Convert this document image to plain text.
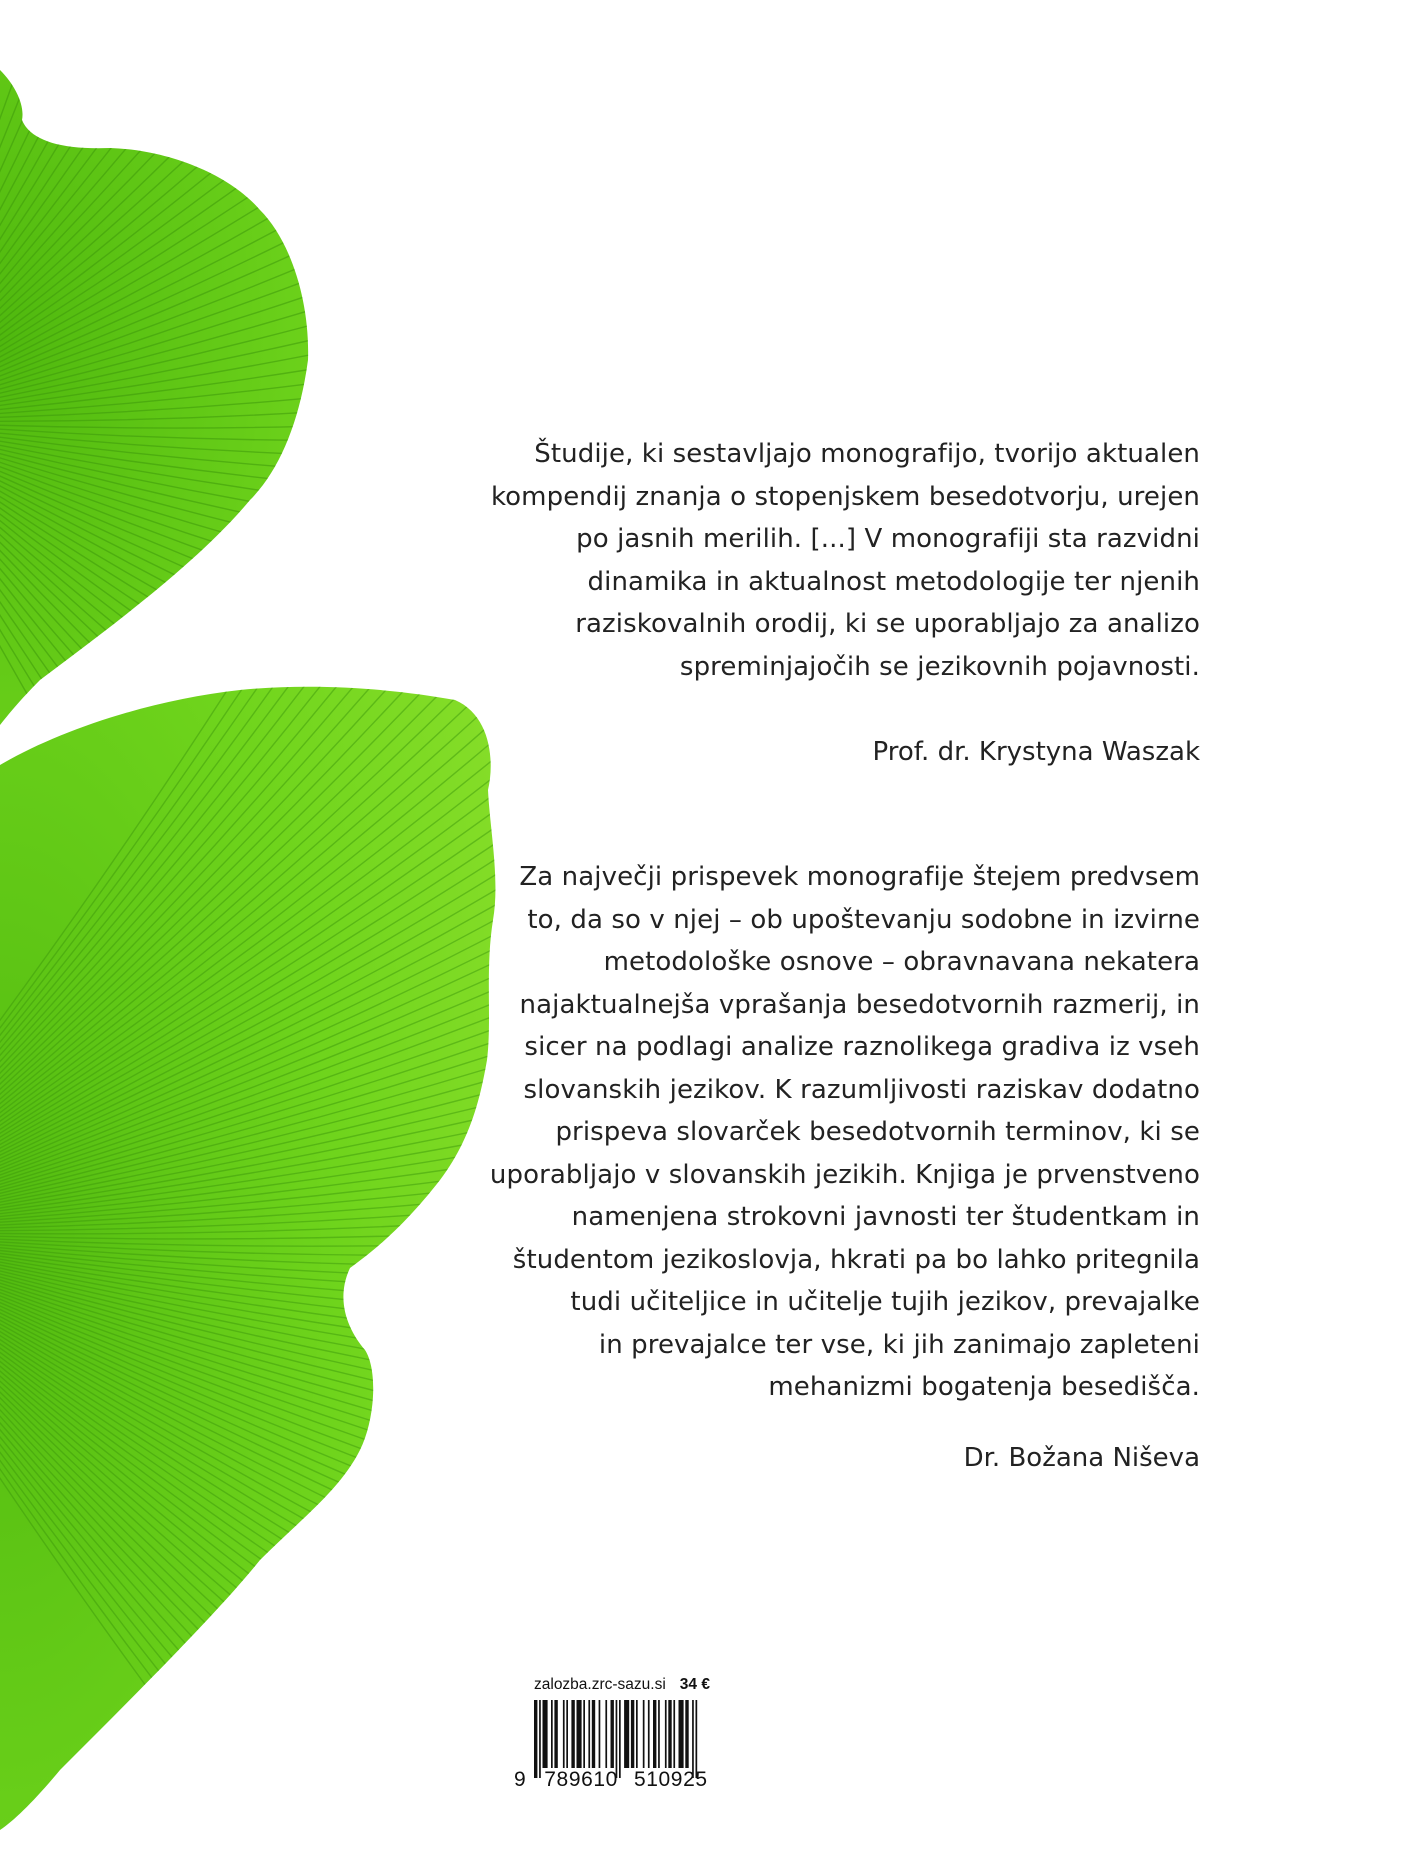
Študije, ki sestavljajo monografijo, tvorijo aktualen
kompendij znanja o stopenjskem besedotvorju, urejen
po jasnih merilih. [...] V monografiji sta razvidni
dinamika in aktualnost metodologije ter njenih
raziskovalnih orodij, ki se uporabljajo za analizo
spreminjajočih se jezikovnih pojavnosti.
Prof. dr. Krystyna Waszak
Za največji prispevek monografije štejem predvsem
to, da so v njej – ob upoštevanju sodobne in izvirne
metodološke osnove – obravnavana nekatera
najaktualnejša vprašanja besedotvornih razmerij, in
sicer na podlagi analize raznolikega gradiva iz vseh
slovanskih jezikov. K razumljivosti raziskav dodatno
prispeva slovarček besedotvornih terminov, ki se
uporabljajo v slovanskih jezikih. Knjiga je prvenstveno
namenjena strokovni javnosti ter študentkam in
študentom jezikoslovja, hkrati pa bo lahko pritegnila
tudi učiteljice in učitelje tujih jezikov, prevajalke
in prevajalce ter vse, ki jih zanimajo zapleteni
mehanizmi bogatenja besedišča.
Dr. Božana Niševa
zalozba.zrc-sazu.si 34 €
9 789610 510925
